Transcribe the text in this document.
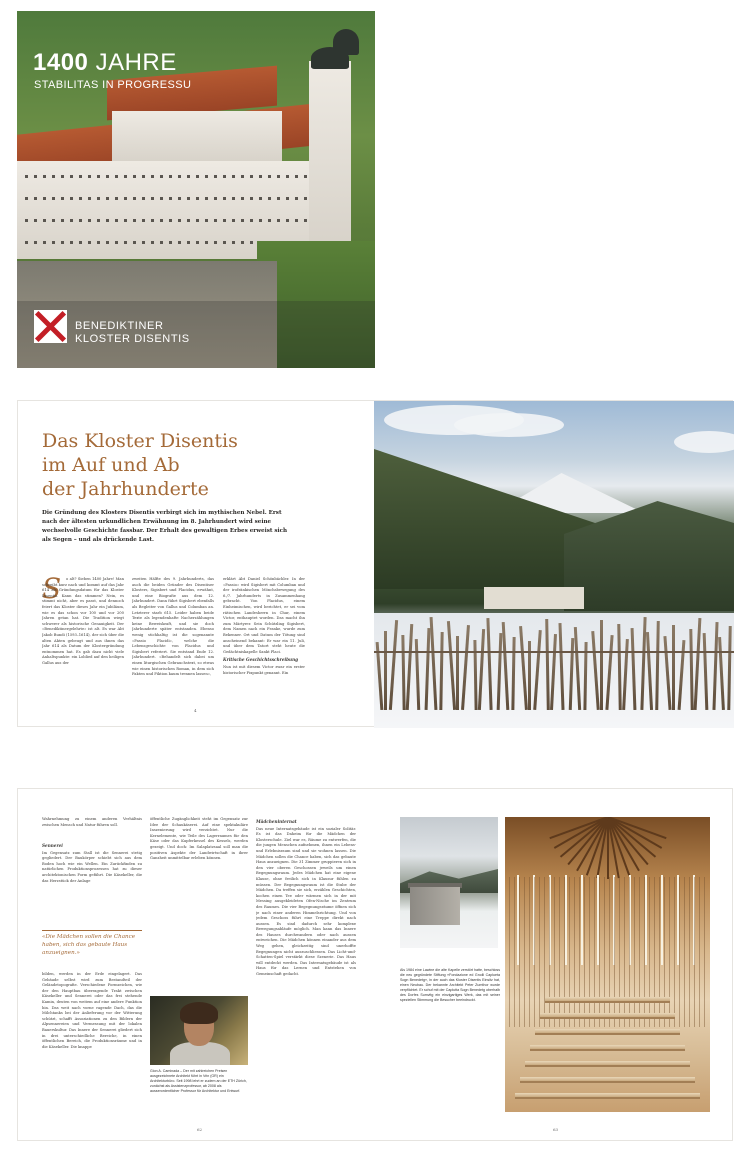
1400 JAHRE
STABILITAS IN PROGRESSU
BENEDIKTINER
KLOSTER DISENTIS
Das Kloster Disentis
im Auf und Ab
der Jahrhunderte
Die Gründung des Klosters Disentis verbirgt sich im mythischen Nebel. Erst nach der ältesten urkundlichen Erwähnung im 8. Jahrhundert wird seine wechselvolle Geschichte fassbar. Der Erhalt des gewaltigen Erbes erweist sich als Segen – und als drückende Last.
S	o alt? Sieben 1400 Jahre! Man schreibt kurz nach und kommt auf das Jahr 614 als Gründungsdatum für das Kloster Disentis. Kann das stimmen? Nein, es stimmt nicht, aber es passt, und dennoch feiert das Kloster dieses Jahr ein Jubiläum, wie es das schon vor 100 und vor 200 Jahren getan hat. Die Tradition wiegt schwerer als historische Genauigkeit. Der «Benediktinergelehrte» ist alt. Es war Abt Jakob Bundi (1593–1614), der sich über die alten Akten gebeugt und aus ihnen das Jahr 614 als Datum der Klostergründung entnommen hat. Es gab dazu nicht viele Anhaltspunkte: ein Loblied auf den heiligen Gallus aus der
zweiten Hälfte des 9. Jahrhunderts, das auch die beiden Gründer des Disentiser Klosters, Sigisbert und Placidus, erwähnt, und eine Biografie aus dem 12. Jahrhundert. Dann führt Sigisbert ebenfalls als Begleiter von Gallus und Columban an. Letzterer starb 615. Leider haben beide Texte als legendenhafte Nacherzählungen keine Beweiskraft, und sie doch Jahrhunderte später entstanden. Ebenso wenig stichhaltig ist die sogenannte «Passio Placidi», welche die Lebensgeschichte von Placidus und Sigisbert referiert. Sie entstand Ende 12. Jahrhundert. «Behandelt sich dabei um einen liturgischen Gebrauchstext, so etwas wie einen historischen Roman, in dem sich Fakten und Fiktion kaum trennen lassen»,
erklärt Abt Daniel Schönbächler. In der «Passio» wird Sigisbert mit Columban und der irofränkischen Mönchsbewegung des 6./7. Jahrhunderts in Zusammenhang gebracht. Von Placidus, einem Einheimischen, wird berichtet, er sei vom rätischen Landesherrn in Chur, einem Victor, enthauptet worden. Das macht ihn zum Märtyrer. Sein Schützling Sigisbert, dem Namen nach ein Franke, wurde zum Bekenner. Ort und Datum der Tötung sind anscheinend bekannt: Er war ein 11. Juli, und über dem Tatort steht heute die Gedächtniskapelle Sankt Placi.
Kritische Geschichtsschreibung
Nun ist mit diesem Victor zwar ein erster historischer Fixpunkt genannt. Ein
4
Schutzes Stück, das gewaltige Erbe erhalten; Blick über den Klosterhof; Das Kloster, Schnee und der hohe Zaun des Gemeindezauns.
Wahrnehmung zu einem anderen Verhältnis zwischen Mensch und Natur führen soll.
Sennerei
Im Gegensatz zum Stall ist die Sennerei stetig gegliedert. Der Baukörper schiebt sich aus dem Boden hoch wie ein Wellen. Ein Zurückfinden zu natürlichen Produktionsprozessen hat zu dieser architektonischen Form geführt. Die Käsekeller, die das Herzstück der Anlage
«Die Mädchen sollen die Chance haben, sich das gebaute Haus anzueignen.»
bilden, werden in der Erde eingelagert. Das Gebäude selbst wird zum Bestandteil der Geländetopografie. Verschiedene Formzeichen, wie der den Hauptbau überragende Trakt zwischen Käsekeller und Sennerei oder das frei stehende Kamin, deuten von weitem auf eine andere Funktion hin. Das weit nach vorne ragende Dach, das die Milchtanks bei der Anlieferung vor der Witterung schützt, schafft Assoziationen zu den Bildern der Alpsennereien und Vermessung mit der lokalen Bauerskultur. Das Innere der Sennerei gliedert sich in drei unterschiedliche Bereiche, in einen öffentlichen Bereich, die Produktionsräume und in die Käsekeller. Die knappe
öffentliche Zugänglichkeit steht im Gegensatz zur Idee der Schaukäserei. Auf eine spektakuläre Inszenierung wird verzichtet. Nur die Kernelemente, wie Teile des Lagerraumes für den Käse oder das Kupferkessel des Kessels, werden gezeigt. Und doch: Im Salaplatzsaal soll man die positiven Aspekte der Landwirtschaft in ihrer Ganzheit unmittelbar erleben können.
Gion A. Caminada – Der mit zahlreichen Preisen ausgezeichnete Architekt führt in Vrin (GR) ein Architekturbüro. Seit 1998 lehrt er zudem an der ETH Zürich, zunächst als Assistenzprofessor, ab 2008 als ausserordentlicher Professor für Architektur und Entwurf.
Mädcheninternat
Das neue Internatsgebäude ist ein sozialer Solitär. Es ist das Daheim für die Mädchen der Klosterschule. Ziel war es, Räume zu entwerfen, die die jungen Menschen aufnehmen, ihnen ein Lebens- und Erlebnisraum sind und sie wohnen lassen. Die Mädchen sollen die Chance haben, sich das gebaute Haus anzueignen. Die 31 Zimmer gruppieren sich in den vier oberen Geschossen jeweils um einen Begegnungsraum. Jedes Mädchen hat eine eigene Klause, ohne freilich sich in Klausur fühlen zu müssen. Der Begegnungsraum ist die Stube der Mädchen. Da treffen sie sich, erzählen Geschichten, kochen einen Tee oder wärmen sich in der mit Messing ausgekleideten Ofen-Nische im Zentrum des Raumes. Die vier Begegnungsräume öffnen sich je nach einer anderen Himmelsrichtung. Und von jedem Geschoss führt eine Treppe direkt nach aussen. Es sind dadurch sehr komplexe Bewegungsabläufe möglich. Man kann das Innere des Hauses durchwandern oder nach aussen entweichen. Die Mädchen können einander aus dem Weg gehen, gleichzeitig sind unerhoffte Begegnungen nicht auszuschliessen. Das Licht-und-Schatten-Spiel verstärkt diese Szenerie. Das Haus will entdeckt werden. Das Internatsgebäude ist als Haus für das Lernen und Entstehen von Gemeinschaft gedacht.
62	63
Als 1984 eine Lawine die alte Kapelle zerstört hatte, beschloss die neu gegründete Stiftung «Fondazione ed Gnolli Caplueta Sogn Benedetg», in der auch das Kloster Disentis Einsitz hat, einen Neubau. Der bekannte Architekt Peter Zumthor wurde verpflichtet. Er schuf mit der Caplutta Sogn Benedetg oberhalb des Dorfes Sumvitg ein einzigartiges Werk, das mit seiner speziellen Stimmung die Besucher beeindruckt.
